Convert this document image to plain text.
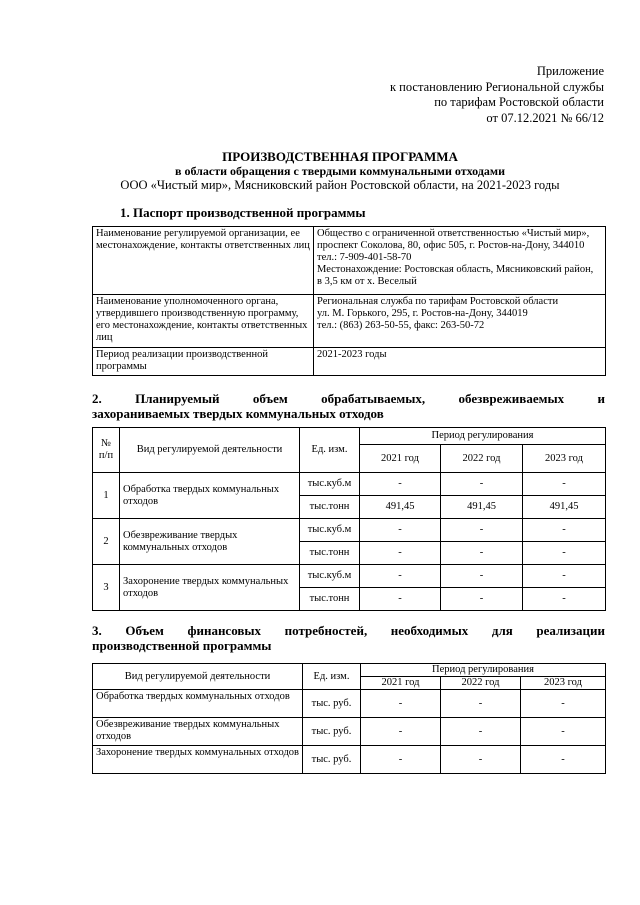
Приложение
к постановлению Региональной службы
по тарифам Ростовской области
от 07.12.2021 № 66/12
ПРОИЗВОДСТВЕННАЯ ПРОГРАММА
в области обращения с твердыми коммунальными отходами
ООО «Чистый мир», Мясниковский район Ростовской области, на 2021-2023 годы
1. Паспорт производственной программы
Наименование регулируемой организации, ее местонахождение, контакты ответственных лиц	Общество с ограниченной ответственностью «Чистый мир»,
проспект Соколова, 80, офис 505, г. Ростов-на-Дону, 344010
тел.: 7-909-401-58-70
Местонахождение: Ростовская область, Мясниковский район,
в 3,5 км от х. Веселый

Наименование уполномоченного органа, утвердившего производственную программу, его местонахождение, контакты ответственных лиц	Региональная служба по тарифам Ростовской области
ул. М. Горького, 295, г. Ростов-на-Дону, 344019
тел.: (863) 263-50-55, факс: 263-50-72

Период реализации производственной программы	2021-2023 годы
2. Планируемый объем обрабатываемых, обезвреживаемых и
захораниваемых твердых коммунальных отходов
№ п/п	Вид регулируемой деятельности	Ед. изм.	Период регулирования		
			2021 год	2022 год	2023 год
1	Обработка твердых коммунальных отходов	тыс.куб.м	-	-	-
		тыс.тонн	491,45	491,45	491,45
2	Обезвреживание твердых коммунальных отходов	тыс.куб.м	-	-	-
		тыс.тонн	-	-	-
3	Захоронение твердых коммунальных отходов	тыс.куб.м	-	-	-
		тыс.тонн	-	-	-
3. Объем финансовых потребностей, необходимых для реализации
производственной программы
Вид регулируемой деятельности	Ед. изм.	Период регулирования		
		2021 год	2022 год	2023 год
Обработка твердых коммунальных отходов	тыс. руб.	-	-	-
Обезвреживание твердых коммунальных отходов	тыс. руб.	-	-	-
Захоронение твердых коммунальных отходов	тыс. руб.	-	-	-
